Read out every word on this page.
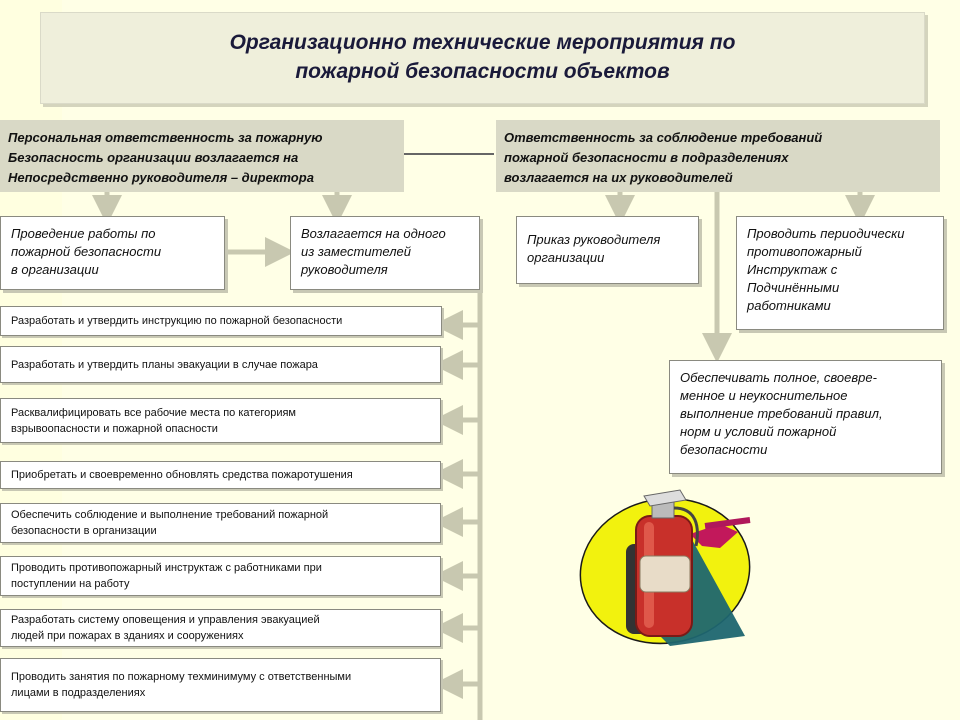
Организационно технические мероприятия по
пожарной безопасности объектов
Персональная ответственность за пожарную
Безопасность организации возлагается на
Непосредственно руководителя – директора
Ответственность за соблюдение требований
пожарной безопасности в подразделениях
возлагается на их руководителей
Проведение работы по
пожарной безопасности
в организации
Возлагается на одного
из заместителей
руководителя
Приказ руководителя
организации
Проводить периодически
противопожарный
Инструктаж с
Подчинёнными
работниками
Обеспечивать полное, своевре-
менное и неукоснительное
выполнение требований правил,
норм и условий пожарной
безопасности
Разработать и утвердить инструкцию по пожарной безопасности
Разработать и утвердить планы эвакуации в случае пожара
Расквалифицировать все рабочие места по категориям
взрывоопасности и пожарной опасности
Приобретать и своевременно обновлять средства пожаротушения
Обеспечить соблюдение и выполнение требований пожарной
безопасности в организации
Проводить противопожарный инструктаж с работниками при
поступлении на работу
Разработать систему оповещения и управления эвакуацией
людей при пожарах в зданиях и сооружениях
Проводить занятия по пожарному техминимуму с ответственными
лицами в подразделениях
